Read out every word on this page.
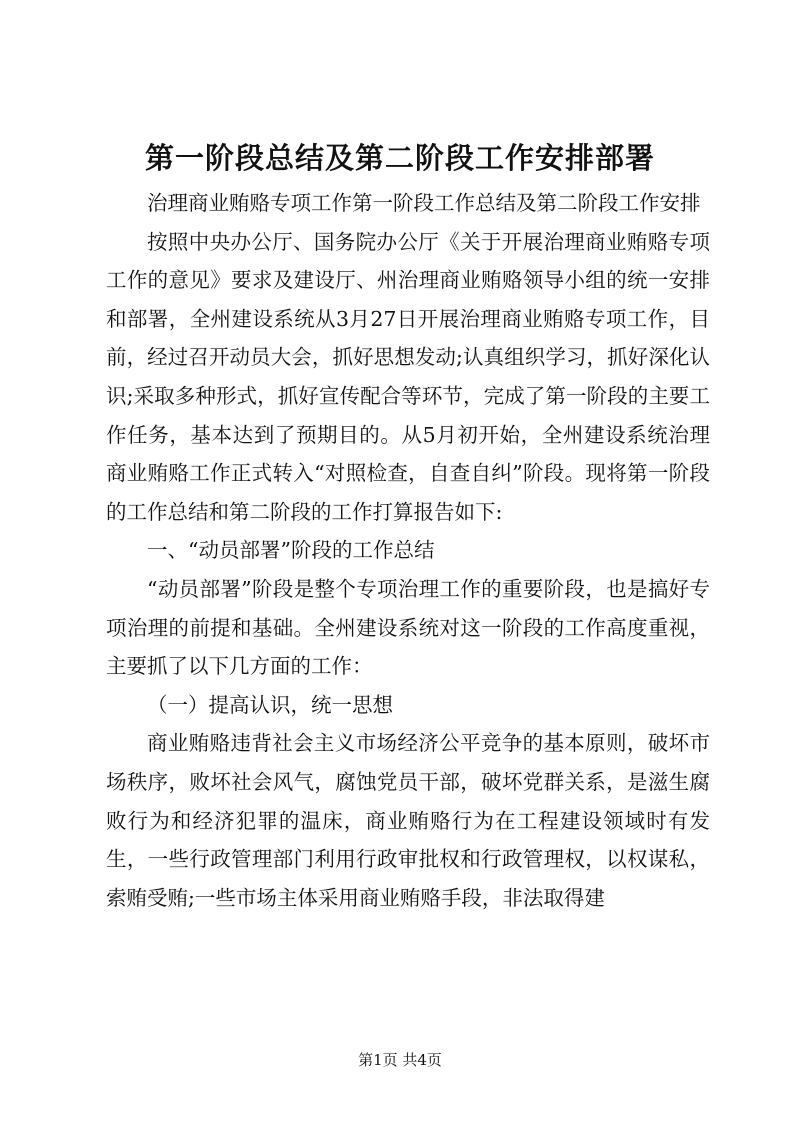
第一阶段总结及第二阶段工作安排部署

治理商业贿赂专项工作第一阶段工作总结及第二阶段工作安排

按照中央办公厅、国务院办公厅《关于开展治理商业贿赂专项工作的意见》要求及建设厅、州治理商业贿赂领导小组的统一安排和部署，全州建设系统从3月27日开展治理商业贿赂专项工作，目前，经过召开动员大会，抓好思想发动;认真组织学习，抓好深化认识;采取多种形式，抓好宣传配合等环节，完成了第一阶段的主要工作任务，基本达到了预期目的。从5月初开始，全州建设系统治理商业贿赂工作正式转入“对照检查，自查自纠”阶段。现将第一阶段的工作总结和第二阶段的工作打算报告如下:

一、“动员部署”阶段的工作总结

“动员部署”阶段是整个专项治理工作的重要阶段，也是搞好专项治理的前提和基础。全州建设系统对这一阶段的工作高度重视，主要抓了以下几方面的工作：

（一）提高认识，统一思想

商业贿赂违背社会主义市场经济公平竞争的基本原则，破坏市场秩序，败坏社会风气，腐蚀党员干部，破坏党群关系，是滋生腐败行为和经济犯罪的温床，商业贿赂行为在工程建设领域时有发生，一些行政管理部门利用行政审批权和行政管理权，以权谋私，索贿受贿;一些市场主体采用商业贿赂手段，非法取得建

第1页 共4页
